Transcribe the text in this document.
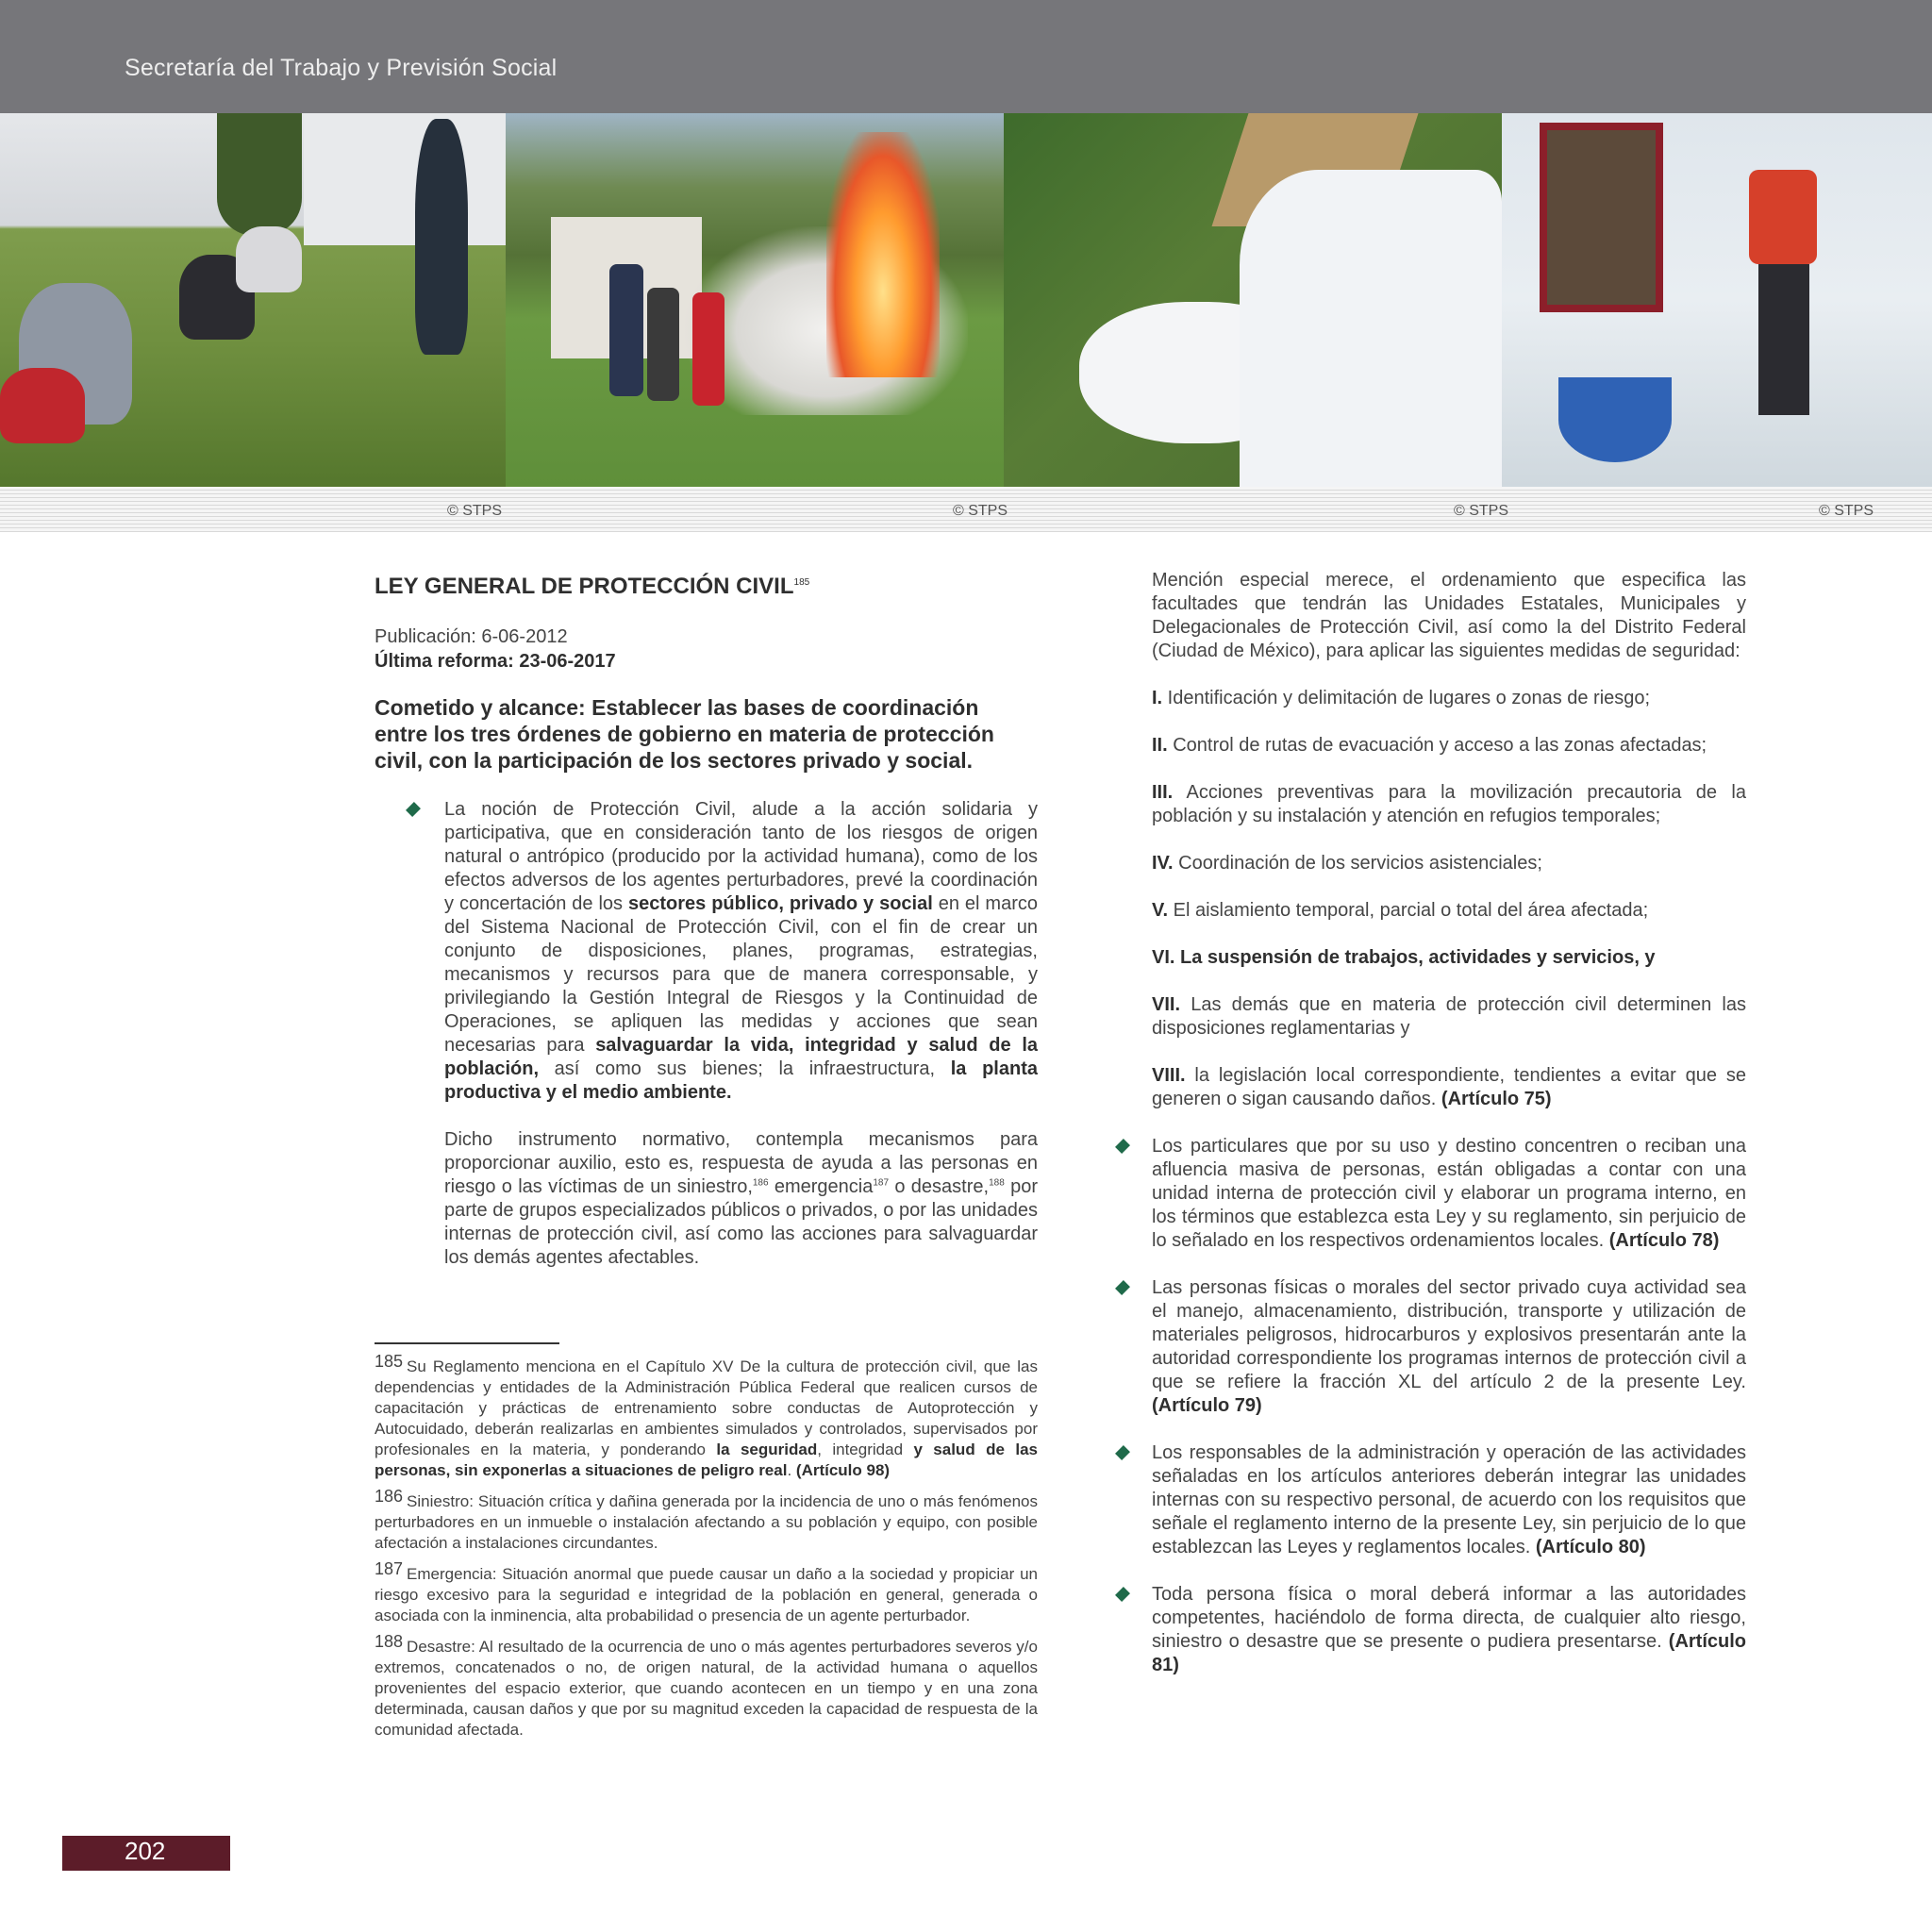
Secretaría del Trabajo y Previsión Social
© STPS	© STPS	© STPS	© STPS
LEY GENERAL DE PROTECCIÓN CIVIL$^{185}$
Publicación: 6-06-2012
Última reforma: 23-06-2017
Cometido y alcance: Establecer las bases de coordinación entre los tres órdenes de gobierno en materia de protección civil, con la participación de los sectores privado y social.

La noción de Protección Civil, alude a la acción solidaria y participativa, que en consideración tanto de los riesgos de origen natural o antrópico (producido por la actividad humana), como de los efectos adversos de los agentes perturbadores, prevé la coordinación y concertación de los sectores público, privado y social en el marco del Sistema Nacional de Protección Civil, con el fin de crear un conjunto de disposiciones, planes, programas, estrategias, mecanismos y recursos para que de manera corresponsable, y privilegiando la Gestión Integral de Riesgos y la Continuidad de Operaciones, se apliquen las medidas y acciones que sean necesarias para salvaguardar la vida, integridad y salud de la población, así como sus bienes; la infraestructura, la planta productiva y el medio ambiente.

Dicho instrumento normativo, contempla mecanismos para proporcionar auxilio, esto es, respuesta de ayuda a las personas en riesgo o las víctimas de un siniestro,$^{186}$ emergencia$^{187}$ o desastre,$^{188}$ por parte de grupos especializados públicos o privados, o por las unidades internas de protección civil, así como las acciones para salvaguardar los demás agentes afectables.

185 Su Reglamento menciona en el Capítulo XV De la cultura de protección civil, que las dependencias y entidades de la Administración Pública Federal que realicen cursos de capacitación y prácticas de entrenamiento sobre conductas de Autoprotección y Autocuidado, deberán realizarlas en ambientes simulados y controlados, supervisados por profesionales en la materia, y ponderando la seguridad, integridad y salud de las personas, sin exponerlas a situaciones de peligro real. (Artículo 98)

186 Siniestro: Situación crítica y dañina generada por la incidencia de uno o más fenómenos perturbadores en un inmueble o instalación afectando a su población y equipo, con posible afectación a instalaciones circundantes.

187 Emergencia: Situación anormal que puede causar un daño a la sociedad y propiciar un riesgo excesivo para la seguridad e integridad de la población en general, generada o asociada con la inminencia, alta probabilidad o presencia de un agente perturbador.

188 Desastre: Al resultado de la ocurrencia de uno o más agentes perturbadores severos y/o extremos, concatenados o no, de origen natural, de la actividad humana o aquellos provenientes del espacio exterior, que cuando acontecen en un tiempo y en una zona determinada, causan daños y que por su magnitud exceden la capacidad de respuesta de la comunidad afectada.

Mención especial merece, el ordenamiento que especifica las facultades que tendrán las Unidades Estatales, Municipales y Delegacionales de Protección Civil, así como la del Distrito Federal (Ciudad de México), para aplicar las siguientes medidas de seguridad:

I. Identificación y delimitación de lugares o zonas de riesgo;
II. Control de rutas de evacuación y acceso a las zonas afectadas;
III. Acciones preventivas para la movilización precautoria de la población y su instalación y atención en refugios temporales;
IV. Coordinación de los servicios asistenciales;
V. El aislamiento temporal, parcial o total del área afectada;
VI. La suspensión de trabajos, actividades y servicios, y
VII. Las demás que en materia de protección civil determinen las disposiciones reglamentarias y
VIII. la legislación local correspondiente, tendientes a evitar que se generen o sigan causando daños. (Artículo 75)
Los particulares que por su uso y destino concentren o reciban una afluencia masiva de personas, están obligadas a contar con una unidad interna de protección civil y elaborar un programa interno, en los términos que establezca esta Ley y su reglamento, sin perjuicio de lo señalado en los respectivos ordenamientos locales. (Artículo 78)
Las personas físicas o morales del sector privado cuya actividad sea el manejo, almacenamiento, distribución, transporte y utilización de materiales peligrosos, hidrocarburos y explosivos presentarán ante la autoridad correspondiente los programas internos de protección civil a que se refiere la fracción XL del artículo 2 de la presente Ley. (Artículo 79)
Los responsables de la administración y operación de las actividades señaladas en los artículos anteriores deberán integrar las unidades internas con su respectivo personal, de acuerdo con los requisitos que señale el reglamento interno de la presente Ley, sin perjuicio de lo que establezcan las Leyes y reglamentos locales. (Artículo 80)
Toda persona física o moral deberá informar a las autoridades competentes, haciéndolo de forma directa, de cualquier alto riesgo, siniestro o desastre que se presente o pudiera presentarse. (Artículo 81)
202
